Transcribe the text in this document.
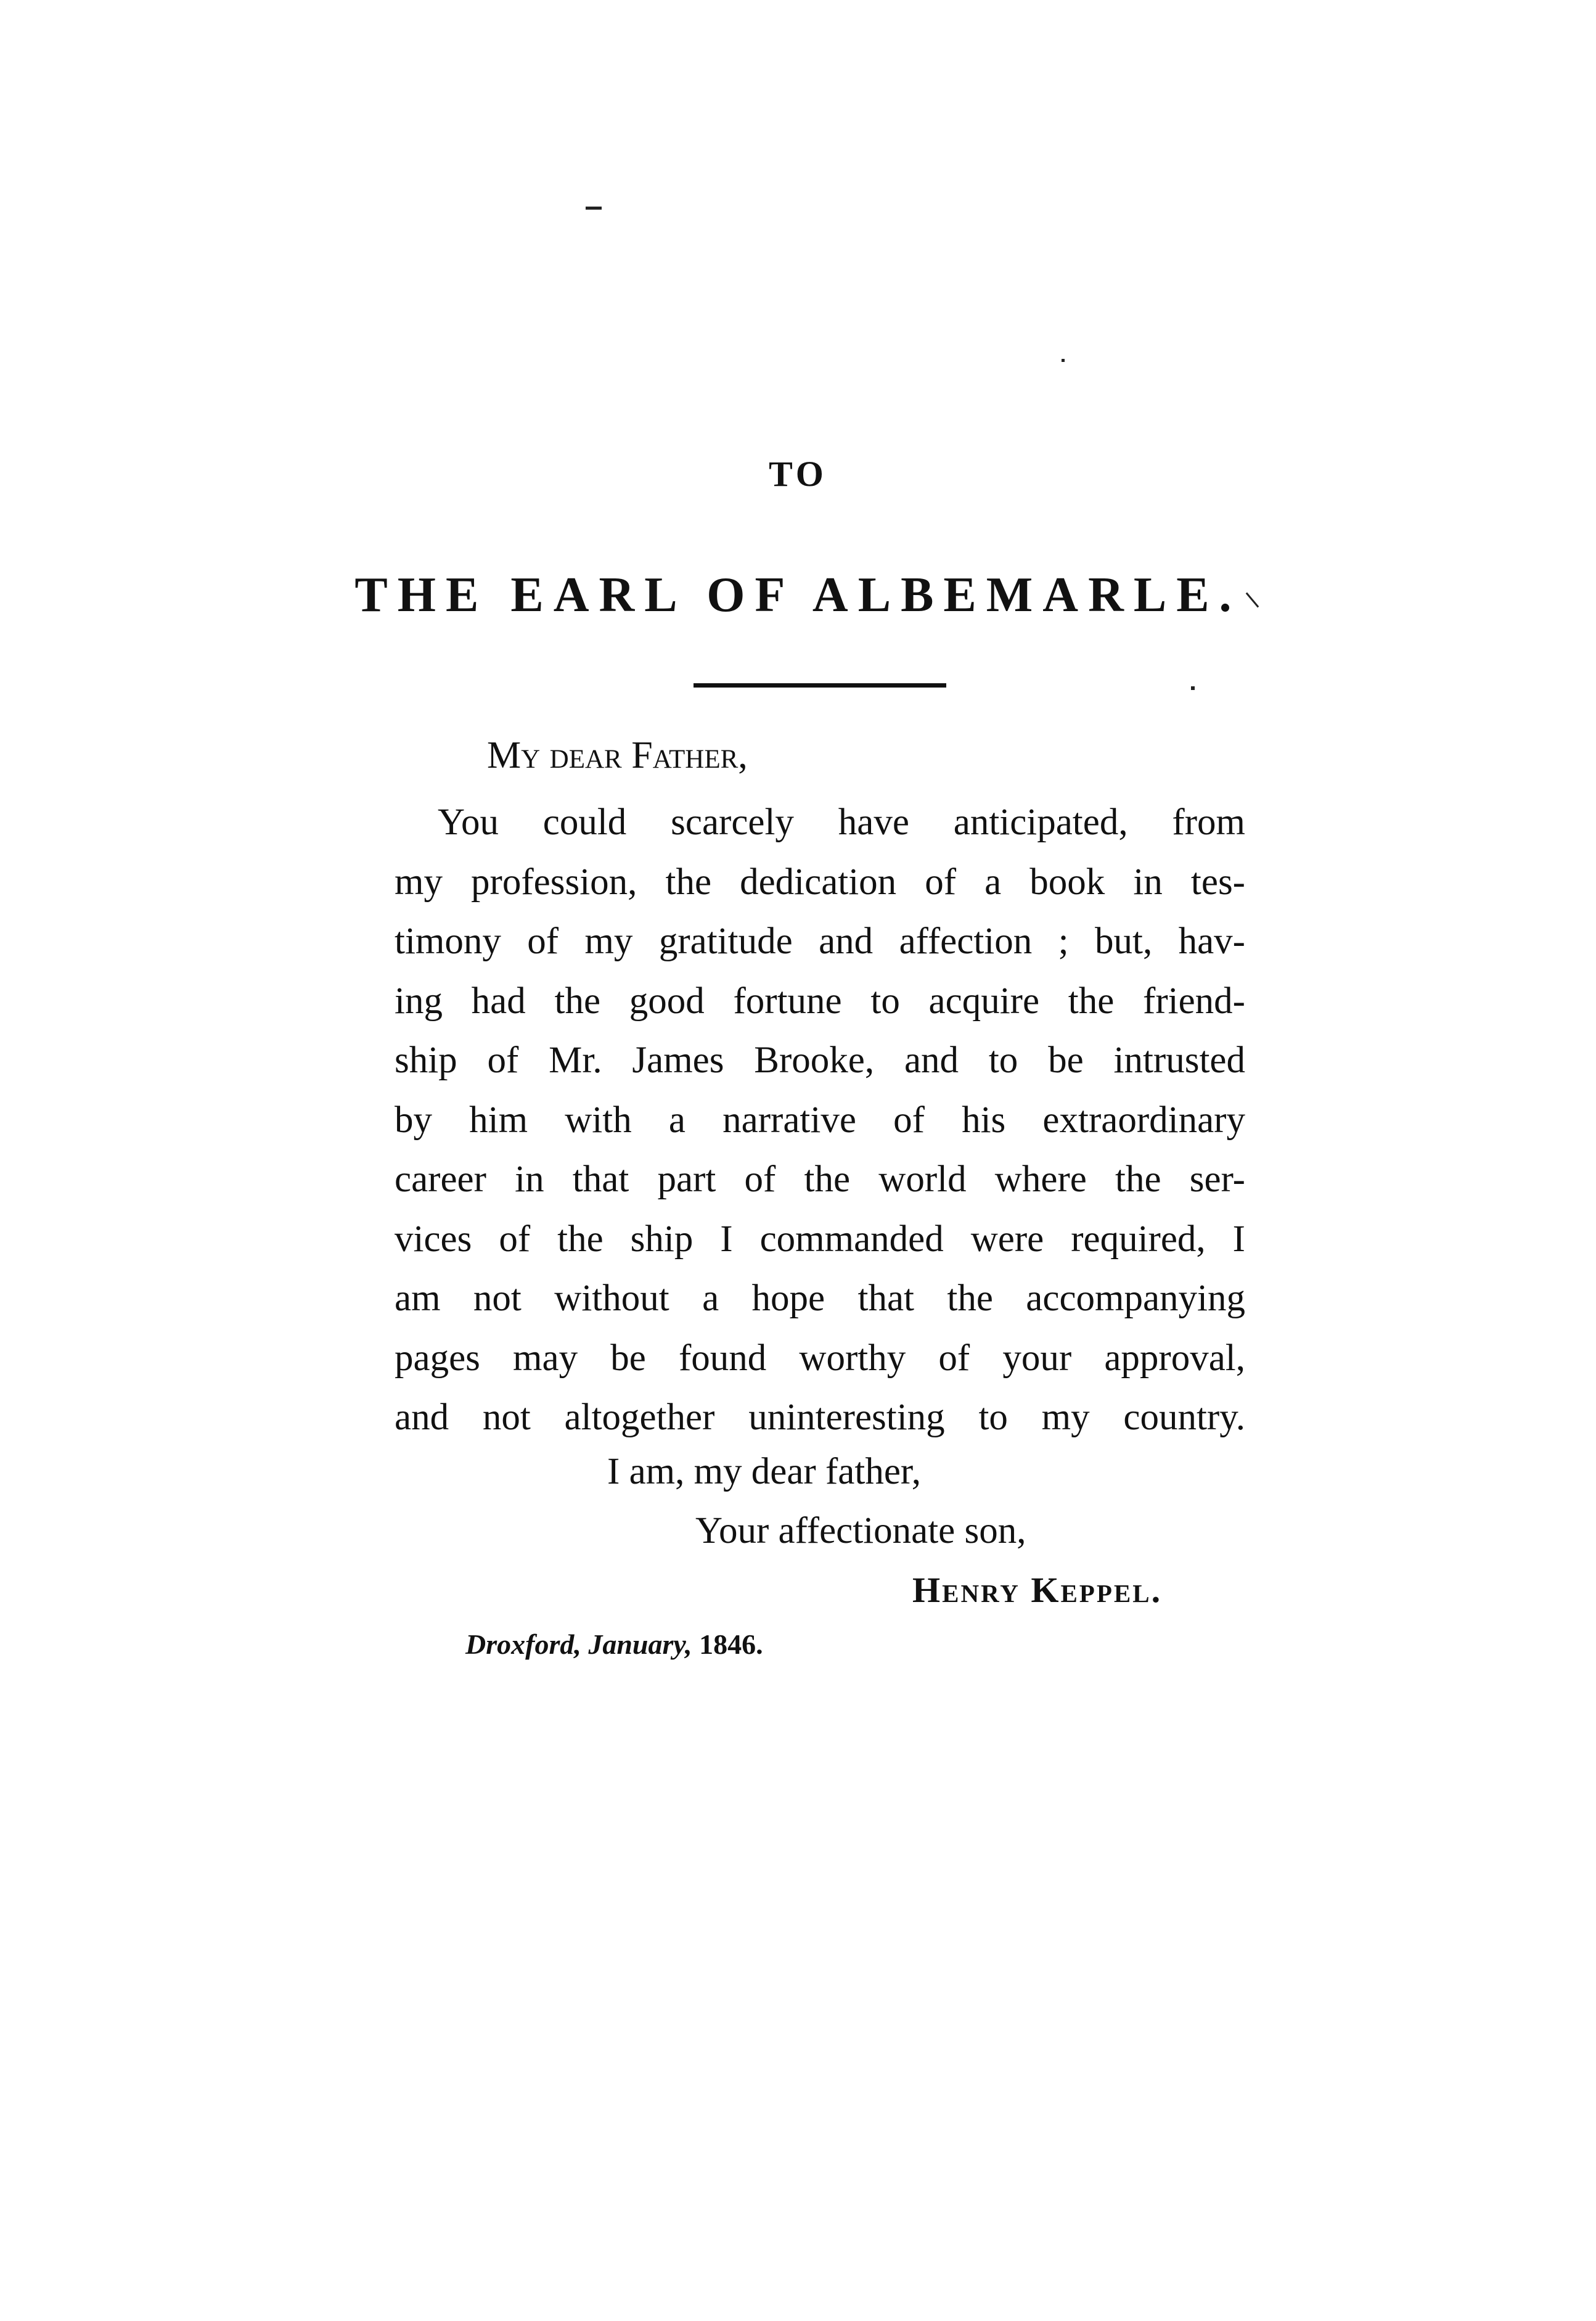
TO
THE EARL OF ALBEMARLE.
My dear Father,
You could scarcely have anticipated, from
my profession, the dedication of a book in tes-
timony of my gratitude and affection ; but, hav-
ing had the good fortune to acquire the friend-
ship of Mr. James Brooke, and to be intrusted
by him with a narrative of his extraordinary
career in that part of the world where the ser-
vices of the ship I commanded were required, I
am not without a hope that the accompanying
pages may be found worthy of your approval,
and not altogether uninteresting to my country.
I am, my dear father,
Your affectionate son,
Henry Keppel.
Droxford, January, 1846.
